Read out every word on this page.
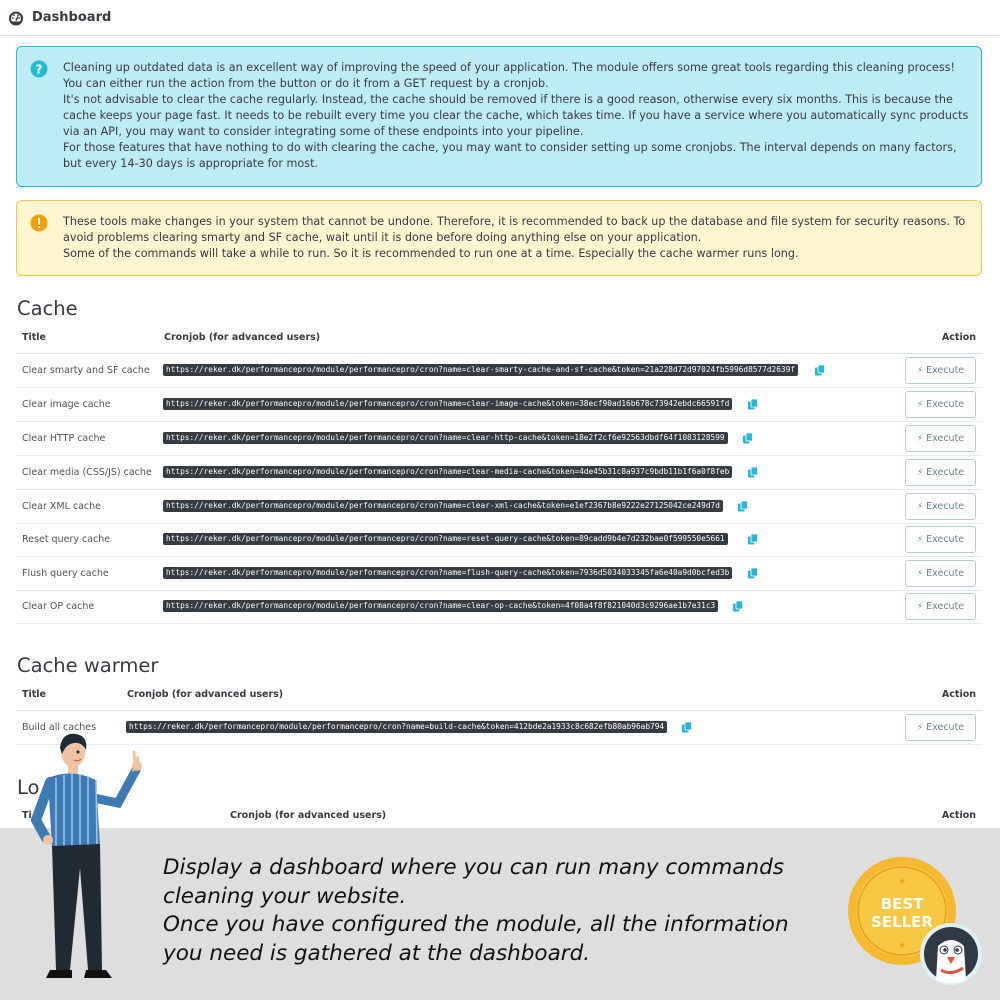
Dashboard
? Cleaning up outdated data is an excellent way of improving the speed of your application. The module offers some great tools regarding this cleaning process! You can either run the action from the button or do it from a GET request by a cronjob.

It's not advisable to clear the cache regularly. Instead, the cache should be removed if there is a good reason, otherwise every six months. This is because the cache keeps your page fast. It needs to be rebuilt every time you clear the cache, which takes time. If you have a service where you automatically sync products via an API, you may want to consider integrating some of these endpoints into your pipeline.

For those features that have nothing to do with clearing the cache, you may want to consider setting up some cronjobs. The interval depends on many factors, but every 14-30 days is appropriate for most.

These tools make changes in your system that cannot be undone. Therefore, it is recommended to back up the database and file system for security reasons. To avoid problems clearing smarty and SF cache, wait until it is done before doing anything else on your application.

Some of the commands will take a while to run. So it is recommended to run one at a time. Especially the cache warmer runs long.

Cache
Title	Cronjob (for advanced users)	Action
Clear smarty and SF cache	https://reker.dk/performancepro/module/performancepro/cron?name=clear-smarty-cache-and-sf-cache&token=21a228d72d97024fb5996d8577d2639f	⚡ Execute
Clear image cache	https://reker.dk/performancepro/module/performancepro/cron?name=clear-image-cache&token=38ecf90ad16b678c73942ebdc66591fd	⚡ Execute
Clear HTTP cache	https://reker.dk/performancepro/module/performancepro/cron?name=clear-http-cache&token=18e2f2cf6e92563dbdf64f1083128599	⚡ Execute
Clear media (CSS/JS) cache	https://reker.dk/performancepro/module/performancepro/cron?name=clear-media-cache&token=4de45b31c8a937c9bdb11b1f6a0f8feb	⚡ Execute
Clear XML cache	https://reker.dk/performancepro/module/performancepro/cron?name=clear-xml-cache&token=e1ef2367b8e9222e27125042ce249d7d	⚡ Execute
Reset query cache	https://reker.dk/performancepro/module/performancepro/cron?name=reset-query-cache&token=89cadd9b4e7d232bae0f599550e5661	⚡ Execute
Flush query cache	https://reker.dk/performancepro/module/performancepro/cron?name=flush-query-cache&token=7936d5034033345fa6e40a9d0bcfed3b	⚡ Execute
Clear OP cache	https://reker.dk/performancepro/module/performancepro/cron?name=clear-op-cache&token=4f08a4f8f821040d3c9296ae1b7e31c3	⚡ Execute
Cache warmer
Title	Cronjob (for advanced users)	Action
Build all caches	https://reker.dk/performancepro/module/performancepro/cron?name=build-cache&token=412bde2a1933c8c682efb80ab96ab794	⚡ Execute
Lo
Ti	Cronjob (for advanced users)	Action
Display a dashboard where you can run many commands
cleaning your website.
Once you have configured the module, all the information
you need is gathered at the dashboard.
★
★
BEST
SELLER
